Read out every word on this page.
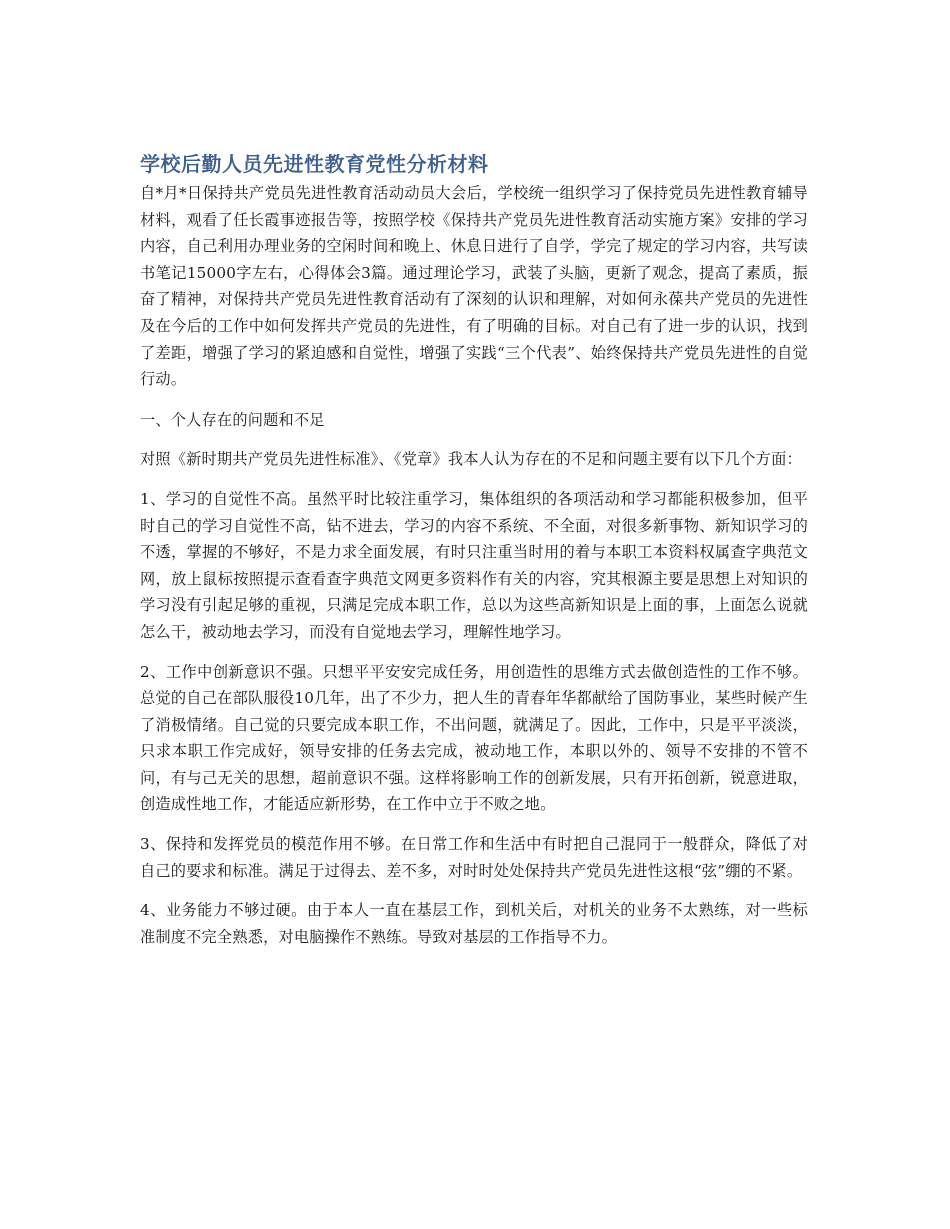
学校后勤人员先进性教育党性分析材料

自*月*日保持共产党员先进性教育活动动员大会后，学校统一组织学习了保持党员先进性教育辅导材料，观看了任长霞事迹报告等，按照学校《保持共产党员先进性教育活动实施方案》安排的学习内容，自己利用办理业务的空闲时间和晚上、休息日进行了自学，学完了规定的学习内容，共写读书笔记15000字左右，心得体会3篇。通过理论学习，武装了头脑，更新了观念，提高了素质，振奋了精神，对保持共产党员先进性教育活动有了深刻的认识和理解，对如何永葆共产党员的先进性及在今后的工作中如何发挥共产党员的先进性，有了明确的目标。对自己有了进一步的认识，找到了差距，增强了学习的紧迫感和自觉性，增强了实践“三个代表”、始终保持共产党员先进性的自觉行动。

一、个人存在的问题和不足

对照《新时期共产党员先进性标准》、《党章》我本人认为存在的不足和问题主要有以下几个方面：

1、学习的自觉性不高。虽然平时比较注重学习，集体组织的各项活动和学习都能积极参加，但平时自己的学习自觉性不高，钻不进去，学习的内容不系统、不全面，对很多新事物、新知识学习的不透，掌握的不够好，不是力求全面发展，有时只注重当时用的着与本职工本资料权属查字典范文网，放上鼠标按照提示查看查字典范文网更多资料作有关的内容，究其根源主要是思想上对知识的学习没有引起足够的重视，只满足完成本职工作，总以为这些高新知识是上面的事，上面怎么说就怎么干，被动地去学习，而没有自觉地去学习，理解性地学习。

2、工作中创新意识不强。只想平平安安完成任务，用创造性的思维方式去做创造性的工作不够。总觉的自己在部队服役10几年，出了不少力，把人生的青春年华都献给了国防事业，某些时候产生了消极情绪。自己觉的只要完成本职工作，不出问题，就满足了。因此，工作中，只是平平淡淡，只求本职工作完成好，领导安排的任务去完成，被动地工作，本职以外的、领导不安排的不管不问，有与己无关的思想，超前意识不强。这样将影响工作的创新发展，只有开拓创新，锐意进取，创造成性地工作，才能适应新形势，在工作中立于不败之地。

3、保持和发挥党员的模范作用不够。在日常工作和生活中有时把自己混同于一般群众，降低了对自己的要求和标准。满足于过得去、差不多，对时时处处保持共产党员先进性这根“弦”绷的不紧。

4、业务能力不够过硬。由于本人一直在基层工作，到机关后，对机关的业务不太熟练，对一些标准制度不完全熟悉，对电脑操作不熟练。导致对基层的工作指导不力。
